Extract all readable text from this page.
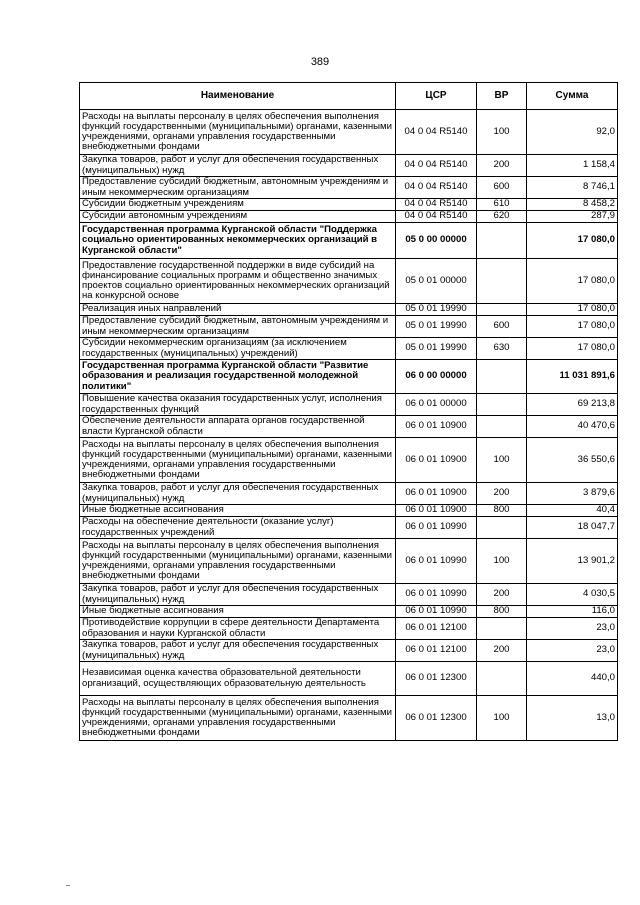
389
Наименование	ЦСР	ВР	Сумма
Расходы на выплаты персоналу в целях обеспечения выполнения функций государственными (муниципальными) органами, казенными учреждениями, органами управления государственными внебюджетными фондами	04 0 04 R5140	100	92,0
Закупка товаров, работ и услуг для обеспечения государственных (муниципальных) нужд	04 0 04 R5140	200	1 158,4
Предоставление субсидий бюджетным, автономным учреждениям и иным некоммерческим организациям	04 0 04 R5140	600	8 746,1
Субсидии бюджетным учреждениям	04 0 04 R5140	610	8 458,2
Субсидии автономным учреждениям	04 0 04 R5140	620	287,9
Государственная программа Курганской области "Поддержка социально ориентированных некоммерческих организаций в Курганской области"	05 0 00 00000		17 080,0
Предоставление государственной поддержки в виде субсидий на финансирование социальных программ и общественно значимых проектов социально ориентированных некоммерческих организаций на конкурсной основе	05 0 01 00000		17 080,0
Реализация иных направлений	05 0 01 19990		17 080,0
Предоставление субсидий бюджетным, автономным учреждениям и иным некоммерческим организациям	05 0 01 19990	600	17 080,0
Субсидии некоммерческим организациям (за исключением государственных (муниципальных) учреждений)	05 0 01 19990	630	17 080,0
Государственная программа Курганской области "Развитие образования и реализация государственной молодежной политики"	06 0 00 00000		11 031 891,6
Повышение качества оказания государственных услуг, исполнения государственных функций	06 0 01 00000		69 213,8
Обеспечение деятельности аппарата органов государственной власти Курганской области	06 0 01 10900		40 470,6
Расходы на выплаты персоналу в целях обеспечения выполнения функций государственными (муниципальными) органами, казенными учреждениями, органами управления государственными внебюджетными фондами	06 0 01 10900	100	36 550,6
Закупка товаров, работ и услуг для обеспечения государственных (муниципальных) нужд	06 0 01 10900	200	3 879,6
Иные бюджетные ассигнования	06 0 01 10900	800	40,4
Расходы на обеспечение деятельности (оказание услуг) государственных учреждений	06 0 01 10990		18 047,7
Расходы на выплаты персоналу в целях обеспечения выполнения функций государственными (муниципальными) органами, казенными учреждениями, органами управления государственными внебюджетными фондами	06 0 01 10990	100	13 901,2
Закупка товаров, работ и услуг для обеспечения государственных (муниципальных) нужд	06 0 01 10990	200	4 030,5
Иные бюджетные ассигнования	06 0 01 10990	800	116,0
Противодействие коррупции в сфере деятельности Департамента образования и науки Курганской области	06 0 01 12100		23,0
Закупка товаров, работ и услуг для обеспечения государственных (муниципальных) нужд	06 0 01 12100	200	23,0
Независимая оценка качества образовательной деятельности организаций, осуществляющих образовательную деятельность	06 0 01 12300		440,0
Расходы на выплаты персоналу в целях обеспечения выполнения функций государственными (муниципальными) органами, казенными учреждениями, органами управления государственными внебюджетными фондами	06 0 01 12300	100	13,0
